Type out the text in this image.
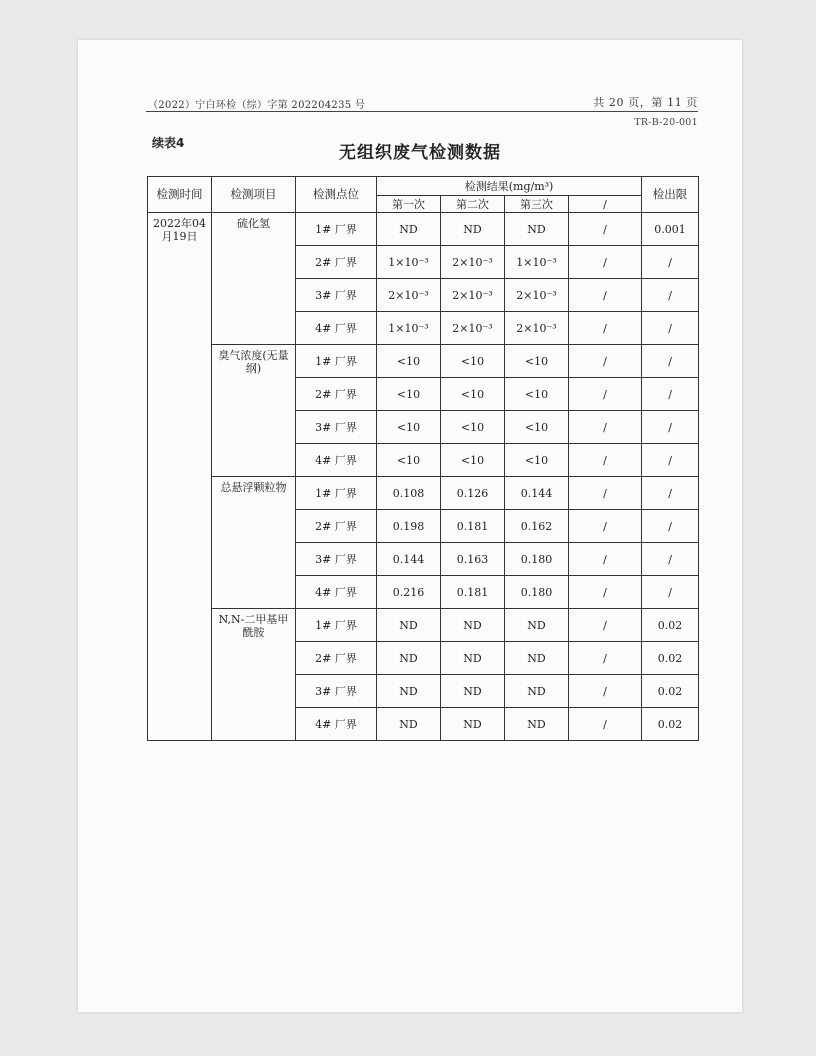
（2022）宁白环检（综）字第 202204235 号	共 20 页，第 11 页
TR-B-20-001
续表4	无组织废气检测数据
检测时间	检测项目	检测点位	检测结果(mg/m³)				检出限
			第一次	第二次	第三次	/	
2022年04月19日	硫化氢	1# 厂界	ND	ND	ND	/	0.001
		2# 厂界	1×10⁻³	2×10⁻³	1×10⁻³	/	/
		3# 厂界	2×10⁻³	2×10⁻³	2×10⁻³	/	/
		4# 厂界	1×10⁻³	2×10⁻³	2×10⁻³	/	/
	臭气浓度(无量纲)	1# 厂界	<10	<10	<10	/	/
		2# 厂界	<10	<10	<10	/	/
		3# 厂界	<10	<10	<10	/	/
		4# 厂界	<10	<10	<10	/	/
	总悬浮颗粒物	1# 厂界	0.108	0.126	0.144	/	/
		2# 厂界	0.198	0.181	0.162	/	/
		3# 厂界	0.144	0.163	0.180	/	/
		4# 厂界	0.216	0.181	0.180	/	/
	N,N-二甲基甲酰胺	1# 厂界	ND	ND	ND	/	0.02
		2# 厂界	ND	ND	ND	/	0.02
		3# 厂界	ND	ND	ND	/	0.02
		4# 厂界	ND	ND	ND	/	0.02
